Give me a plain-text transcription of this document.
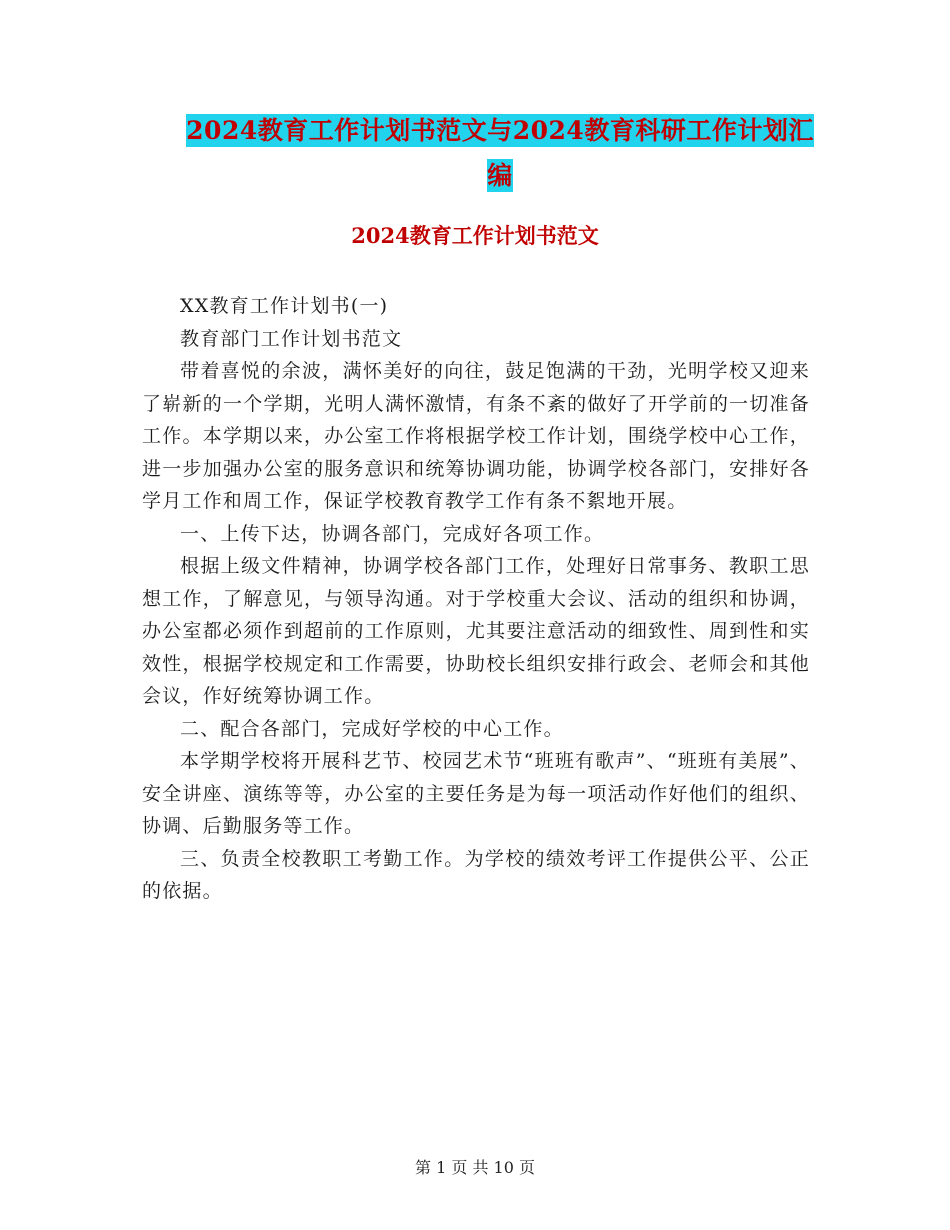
2024教育工作计划书范文与2024教育科研工作计划汇
编
2024教育工作计划书范文

XX教育工作计划书(一)

教育部门工作计划书范文

带着喜悦的余波，满怀美好的向往，鼓足饱满的干劲，光明学校又迎来了崭新的一个学期，光明人满怀激情，有条不紊的做好了开学前的一切准备工作。本学期以来，办公室工作将根据学校工作计划，围绕学校中心工作，进一步加强办公室的服务意识和统筹协调功能，协调学校各部门，安排好各学月工作和周工作，保证学校教育教学工作有条不絮地开展。

一、上传下达，协调各部门，完成好各项工作。

根据上级文件精神，协调学校各部门工作，处理好日常事务、教职工思想工作，了解意见，与领导沟通。对于学校重大会议、活动的组织和协调，办公室都必须作到超前的工作原则，尤其要注意活动的细致性、周到性和实效性，根据学校规定和工作需要，协助校长组织安排行政会、老师会和其他会议，作好统筹协调工作。

二、配合各部门，完成好学校的中心工作。

本学期学校将开展科艺节、校园艺术节“班班有歌声”、“班班有美展”、安全讲座、演练等等，办公室的主要任务是为每一项活动作好他们的组织、协调、后勤服务等工作。

三、负责全校教职工考勤工作。为学校的绩效考评工作提供公平、公正的依据。

第 1 页 共 10 页
